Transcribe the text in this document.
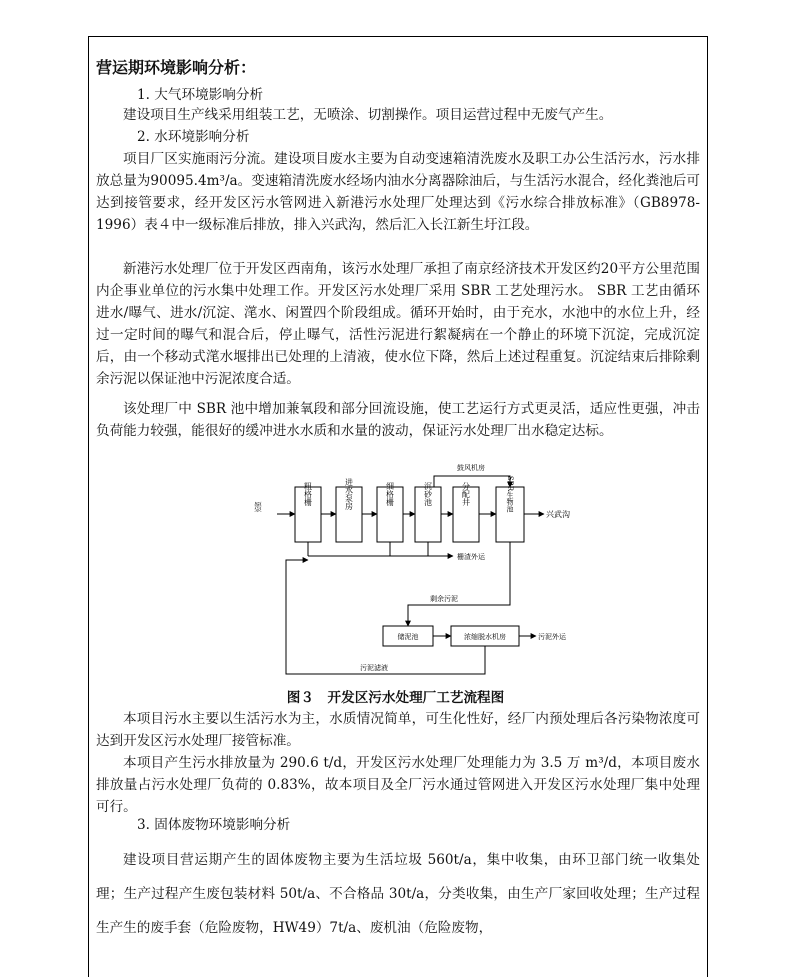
营运期环境影响分析：
1. 大气环境影响分析

建设项目生产线采用组装工艺，无喷涂、切割操作。项目运营过程中无废气产生。

2. 水环境影响分析

项目厂区实施雨污分流。建设项目废水主要为自动变速箱清洗废水及职工办公生活污水，污水排放总量为90095.4m³/a。变速箱清洗废水经场内油水分离器除油后，与生活污水混合，经化粪池后可达到接管要求，经开发区污水管网进入新港污水处理厂处理达到《污水综合排放标准》（GB8978-1996）表４中一级标准后排放，排入兴武沟，然后汇入长江新生圩江段。

新港污水处理厂位于开发区西南角，该污水处理厂承担了南京经济技术开发区约20平方公里范围内企事业单位的污水集中处理工作。开发区污水处理厂采用 SBR 工艺处理污水。 SBR 工艺由循环进水/曝气、进水/沉淀、滗水、闲置四个阶段组成。循环开始时，由于充水，水池中的水位上升，经过一定时间的曝气和混合后，停止曝气，活性污泥进行絮凝病在一个静止的环境下沉淀，完成沉淀后，由一个移动式滗水堰排出已处理的上清液，使水位下降，然后上述过程重复。沉淀结束后排除剩余污泥以保证池中污泥浓度合适。

该处理厂中 SBR 池中增加兼氧段和部分回流设施，使工艺运行方式更灵活，适应性更强，冲击负荷能力较强，能很好的缓冲进水水质和水量的波动，保证污水处理厂出水稳定达标。

原污水
粗格栅	进水泵房	细格栅	沉砂池	分配井	SBR生物池
兴武沟
鼓风机房
栅渣外运
剩余污泥
储泥池	浓缩脱水机房	污泥外运
污泥滤液
图３　开发区污水处理厂工艺流程图

本项目污水主要以生活污水为主，水质情况简单，可生化性好，经厂内预处理后各污染物浓度可达到开发区污水处理厂接管标准。

本项目产生污水排放量为 290.6 t/d，开发区污水处理厂处理能力为 3.5 万 m³/d，本项目废水排放量占污水处理厂负荷的 0.83%，故本项目及全厂污水通过管网进入开发区污水处理厂集中处理可行。

3. 固体废物环境影响分析

建设项目营运期产生的固体废物主要为生活垃圾 560t/a，集中收集，由环卫部门统一收集处理；生产过程产生废包装材料 50t/a、不合格品 30t/a，分类收集，由生产厂家回收处理；生产过程生产生的废手套（危险废物，HW49）7t/a、废机油（危险废物，
